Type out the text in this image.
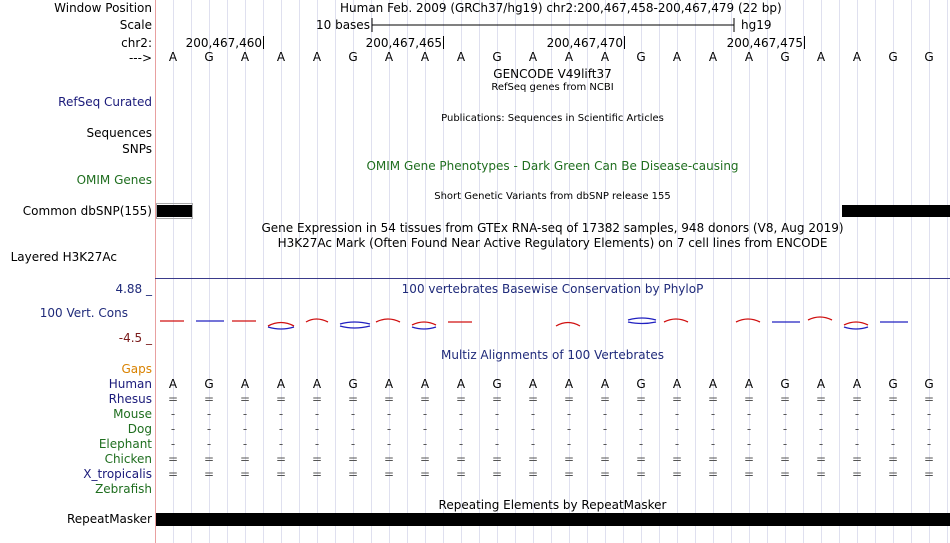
Window Position	Human Feb. 2009 (GRCh37/hg19) chr2:200,467,458-200,467,479 (22 bp)
Scale	10 bases	hg19
chr2:	200,467,460	200,467,465	200,467,470	200,467,475
--->	A	G	A	A	A	G	A	A	A	G	A	A	A	G	A	A	A	G	A	A	G	G
GENCODE V49lift37
RefSeq genes from NCBI
RefSeq Curated
Publications: Sequences in Scientific Articles
Sequences
SNPs
OMIM Gene Phenotypes - Dark Green Can Be Disease-causing
OMIM Genes
Short Genetic Variants from dbSNP release 155
Common dbSNP(155)
Gene Expression in 54 tissues from GTEx RNA-seq of 17382 samples, 948 donors (V8, Aug 2019)
H3K27Ac Mark (Often Found Near Active Regulatory Elements) on 7 cell lines from ENCODE
Layered H3K27Ac
100 vertebrates Basewise Conservation by PhyloP
4.88 _
100 Vert. Cons
-4.5 _
Multiz Alignments of 100 Vertebrates
Gaps
Human	A	G	A	A	A	G	A	A	A	G	A	A	A	G	A	A	A	G	A	A	G	G
Rhesus	=	=	=	=	=	=	=	=	=	=	=	=	=	=	=	=	=	=	=	=	=	=
Mouse	-	-	-	-	-	-	-	-	-	-	-	-	-	-	-	-	-	-	-	-	-	-
Dog	-	-	-	-	-	-	-	-	-	-	-	-	-	-	-	-	-	-	-	-	-	-
Elephant	-	-	-	-	-	-	-	-	-	-	-	-	-	-	-	-	-	-	-	-	-	-
Chicken	=	=	=	=	=	=	=	=	=	=	=	=	=	=	=	=	=	=	=	=	=	=
X_tropicalis	=	=	=	=	=	=	=	=	=	=	=	=	=	=	=	=	=	=	=	=	=	=
Zebrafish
Repeating Elements by RepeatMasker
RepeatMasker
